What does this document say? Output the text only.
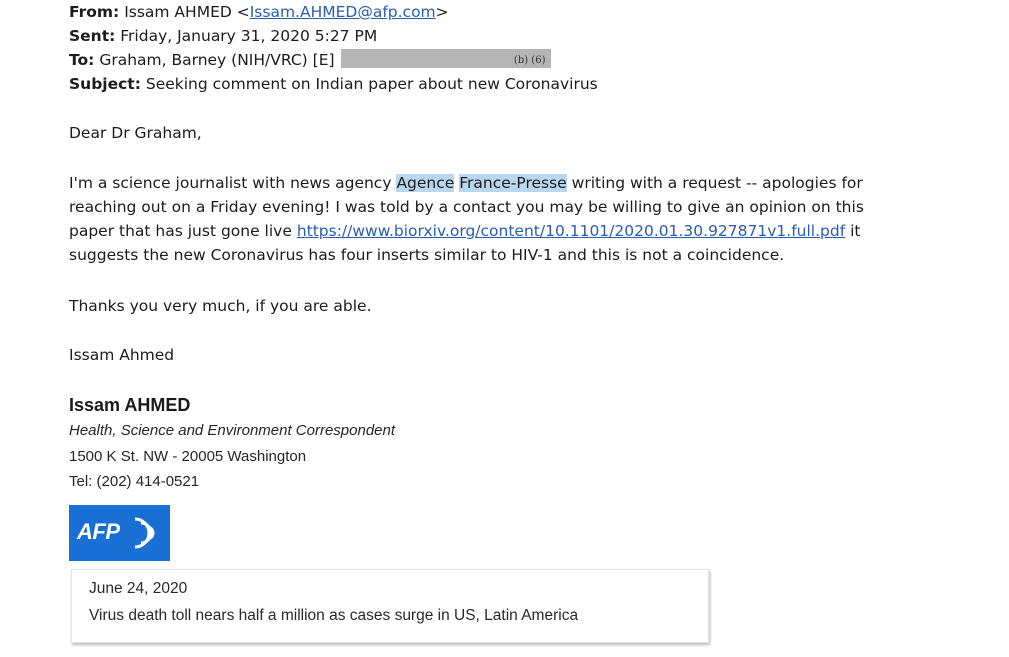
From: Issam AHMED <Issam.AHMED@afp.com>
Sent: Friday, January 31, 2020 5:27 PM
To: Graham, Barney (NIH/VRC) [E]	(b) (6)
Subject: Seeking comment on Indian paper about new Coronavirus
Dear Dr Graham,
I'm a science journalist with news agency Agence France-Presse writing with a request -- apologies for
reaching out on a Friday evening! I was told by a contact you may be willing to give an opinion on this
paper that has just gone live https://www.biorxiv.org/content/10.1101/2020.01.30.927871v1.full.pdf it
suggests the new Coronavirus has four inserts similar to HIV-1 and this is not a coincidence.
Thanks you very much, if you are able.
Issam Ahmed
Issam AHMED
Health, Science and Environment Correspondent
1500 K St. NW - 20005 Washington
Tel: (202) 414-0521
AFP
June 24, 2020
Virus death toll nears half a million as cases surge in US, Latin America
